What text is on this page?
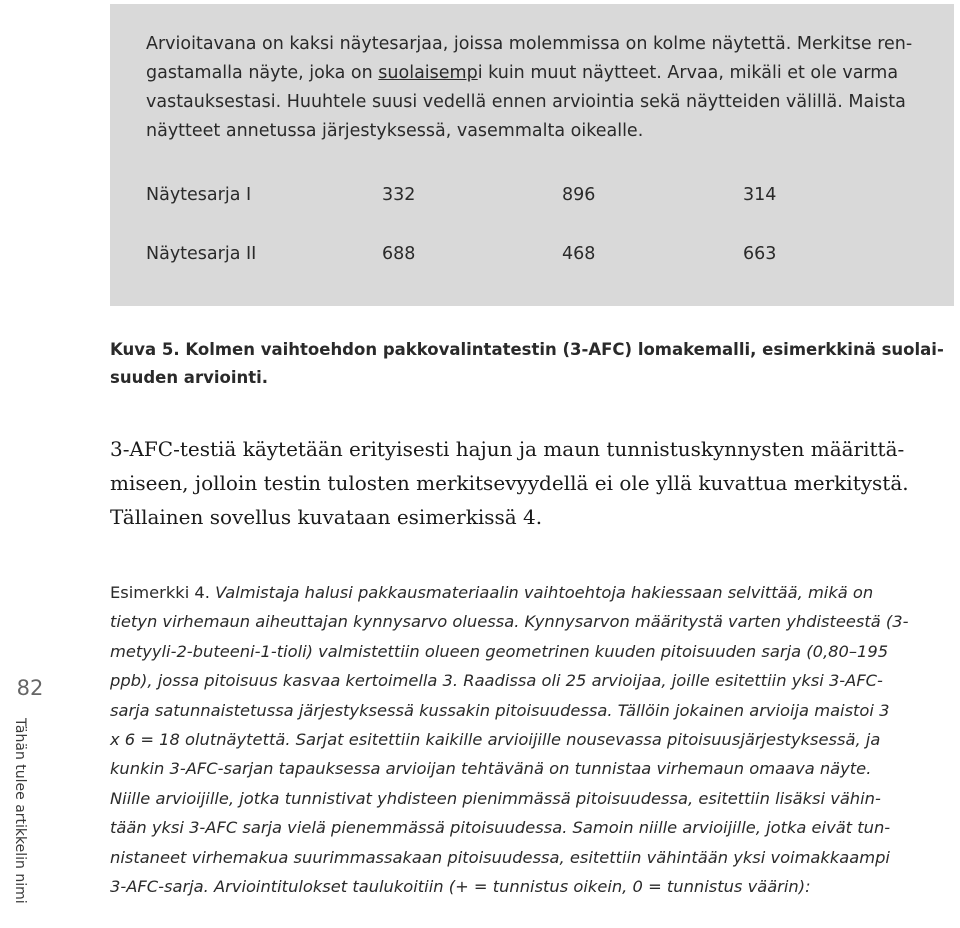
Arvioitavana on kaksi näytesarjaa, joissa molemmissa on kolme näytettä. Merkitse rengastamalla näyte, joka on suolaisempi kuin muut näytteet. Arvaa, mikäli et ole varma vastauksestasi. Huuhtele suusi vedellä ennen arviointia sekä näytteiden välillä. Maista näytteet annetussa järjestyksessä, vasemmalta oikealle.

Näytesarja I	332	896	314
Näytesarja II	688	468	663

Kuva 5. Kolmen vaihtoehdon pakkovalintatestin (3-AFC) lomakemalli, esimerkkinä suolaisuuden arviointi.

3-AFC-testiä käytetään erityisesti hajun ja maun tunnistuskynnysten määrittämiseen, jolloin testin tulosten merkitsevyydellä ei ole yllä kuvattua merkitystä. Tällainen sovellus kuvataan esimerkissä 4.

Esimerkki 4. Valmistaja halusi pakkausmateriaalin vaihtoehtoja hakiessaan selvittää, mikä on
tietyn virhemaun aiheuttajan kynnysarvo oluessa. Kynnysarvon määritystä varten yhdisteestä (3-
metyyli-2-buteeni-1-tioli) valmistettiin olueen geometrinen kuuden pitoisuuden sarja (0,80–195
ppb), jossa pitoisuus kasvaa kertoimella 3. Raadissa oli 25 arvioijaa, joille esitettiin yksi 3-AFC-
sarja satunnaistetussa järjestyksessä kussakin pitoisuudessa. Tällöin jokainen arvioija maistoi 3
x 6 = 18 olutnäytettä. Sarjat esitettiin kaikille arvioijille nousevassa pitoisuusjärjestyksessä, ja
kunkin 3-AFC-sarjan tapauksessa arvioijan tehtävänä on tunnistaa virhemaun omaava näyte.
Niille arvioijille, jotka tunnistivat yhdisteen pienimmässä pitoisuudessa, esitettiin lisäksi vähin-
tään yksi 3-AFC sarja vielä pienemmässä pitoisuudessa. Samoin niille arvioijille, jotka eivät tun-
nistaneet virhemakua suurimmassakaan pitoisuudessa, esitettiin vähintään yksi voimakkaampi
3-AFC-sarja. Arviointitulokset taulukoitiin (+ = tunnistus oikein, 0 = tunnistus väärin):

82
Tähän tulee artikkelin nimi
